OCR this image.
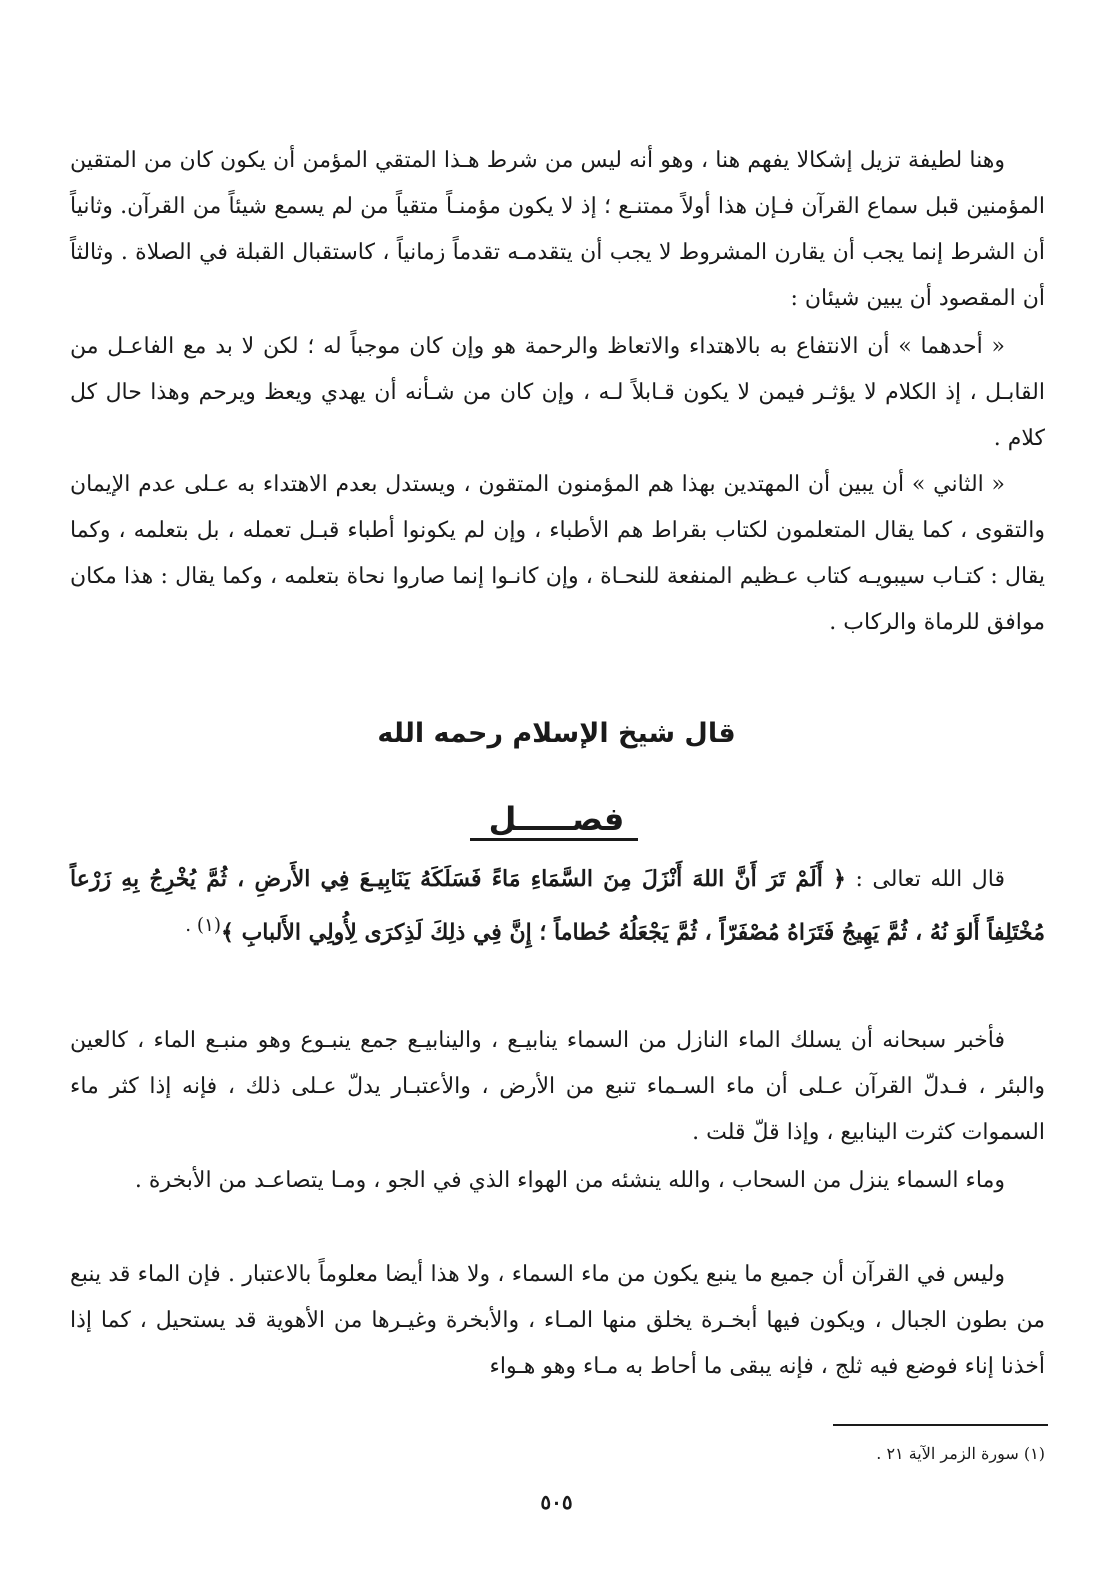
وهنا لطيفة تزيل إشكالا يفهم هنا ، وهو أنه ليس من شرط هـذا المتقي المؤمن أن يكون كان من المتقين المؤمنين قبل سماع القرآن فـإن هذا أولاً ممتنـع ؛ إذ لا يكون مؤمنـاً متقياً من لم يسمع شيئاً من القرآن. وثانياً أن الشرط إنما يجب أن يقارن المشروط لا يجب أن يتقدمـه تقدماً زمانياً ، كاستقبال القبلة في الصلاة . وثالثاً أن المقصود أن يبين شيئان :

« أحدهما » أن الانتفاع به بالاهتداء والاتعاظ والرحمة هو وإن كان موجباً له ؛ لكن لا بد مع الفاعـل من القابـل ، إذ الكلام لا يؤثـر فيمن لا يكون قـابلاً لـه ، وإن كان من شـأنه أن يهدي ويعظ ويرحم وهذا حال كل كلام .

« الثاني » أن يبين أن المهتدين بهذا هم المؤمنون المتقون ، ويستدل بعدم الاهتداء به عـلى عدم الإيمان والتقوى ، كما يقال المتعلمون لكتاب بقراط هم الأطباء ، وإن لم يكونوا أطباء قبـل تعمله ، بل بتعلمه ، وكما يقال : كتـاب سيبويـه كتاب عـظيم المنفعة للنحـاة ، وإن كانـوا إنما صاروا نحاة بتعلمه ، وكما يقال : هذا مكان موافق للرماة والركاب .

قال شيخ الإسلام رحمه الله
فصـــــل

قال الله تعالى : ﴿ أَلَمْ تَرَ أَنَّ اللهَ أَنْزَلَ مِنَ السَّمَاءِ مَاءً فَسَلَكَهُ يَنَابِيـعَ فِي الأَرضِ ، ثُمَّ يُخْرِجُ بِهِ زَرْعاً مُخْتَلِفاً أَلوَ نُهُ ، ثُمَّ يَهِيجُ فَتَرَاهُ مُصْفَرّاً ، ثُمَّ يَجْعَلُهُ حُطاماً ؛ إِنَّ فِي ذلِكَ لَذِكرَى لِأُولِي الأَلبابِ ﴾$^{(١) .}$

فأخبر سبحانه أن يسلك الماء النازل من السماء ينابيـع ، والينابيـع جمع ينبـوع وهو منبـع الماء ، كالعين والبئر ، فـدلّ القرآن عـلى أن ماء السـماء تنبع من الأرض ، والأعتبـار يدلّ عـلى ذلك ، فإنه إذا كثر ماء السموات كثرت الينابيع ، وإذا قلّ قلت .

وماء السماء ينزل من السحاب ، والله ينشئه من الهواء الذي في الجو ، ومـا يتصاعـد من الأبخرة .

وليس في القرآن أن جميع ما ينبع يكون من ماء السماء ، ولا هذا أيضا معلوماً بالاعتبار . فإن الماء قد ينبع من بطون الجبال ، ويكون فيها أبخـرة يخلق منها المـاء ، والأبخرة وغيـرها من الأهوية قد يستحيل ، كما إذا أخذنا إناء فوضع فيه ثلج ، فإنه يبقى ما أحاط به مـاء وهو هـواء

(١) سورة الزمر الآية ٢١ .

٥٠٥
